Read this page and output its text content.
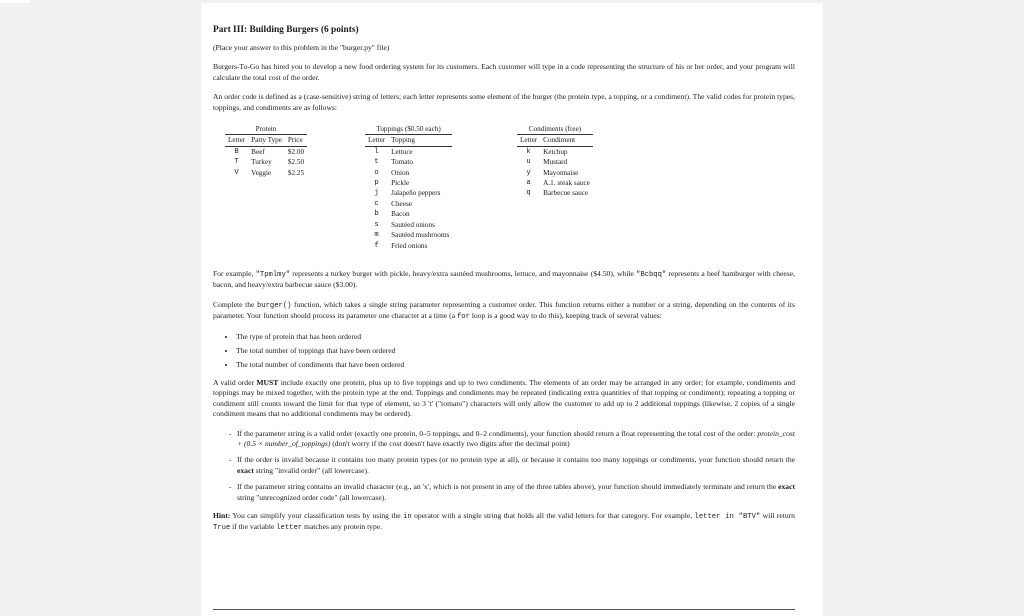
Part III: Building Burgers (6 points)

(Place your answer to this problem in the "burger.py" file)

Burgers-To-Go has hired you to develop a new food ordering system for its customers. Each customer will type in a code representing the structure of his or her order, and your program will calculate the total cost of the order.

An order code is defined as a (case-sensitive) string of letters; each letter represents some element of the burger (the protein type, a topping, or a condiment). The valid codes for protein types, toppings, and condiments are as follows:

Protein		
Letter	Patty Type	Price
B	Beef	$2.00
T	Turkey	$2.50
V	Veggie	$2.25
Toppings ($0.50 each)	
Letter	Topping
l	Lettuce
t	Tomato
o	Onion
p	Pickle
j	Jalapeño peppers
c	Cheese
b	Bacon
s	Sautéed onions
m	Sautéed mushrooms
f	Fried onions
Condiments (free)	
Letter	Condiment
k	Ketchup
u	Mustard
y	Mayonnaise
a	A.1. steak sauce
q	Barbecue sauce

For example, "Tpmlmy" represents a turkey burger with pickle, heavy/extra sautéed mushrooms, lettuce, and mayonnaise ($4.50), while "Bcbqq" represents a beef hamburger with cheese, bacon, and heavy/extra barbecue sauce ($3.00).

Complete the burger() function, which takes a single string parameter representing a customer order. This function returns either a number or a string, depending on the contents of its parameter. Your function should process its parameter one character at a time (a for loop is a good way to do this), keeping track of several values:

• The type of protein that has been ordered
• The total number of toppings that have been ordered
• The total number of condiments that have been ordered

A valid order MUST include exactly one protein, plus up to five toppings and up to two condiments. The elements of an order may be arranged in any order; for example, condiments and toppings may be mixed together, with the protein type at the end. Toppings and condiments may be repeated (indicating extra quantities of that topping or condiment); repeating a topping or condiment still counts toward the limit for that type of element, so 3 't' ("tomato") characters will only allow the customer to add up to 2 additional toppings (likewise, 2 copies of a single condiment means that no additional condiments may be ordered).

- If the parameter string is a valid order (exactly one protein, 0–5 toppings, and 0–2 condiments), your function should return a float representing the total cost of the order: protein_cost + (0.5 × number_of_toppings) (don't worry if the cost doesn't have exactly two digits after the decimal point)
- If the order is invalid because it contains too many protein types (or no protein type at all), or because it contains too many toppings or condiments, your function should return the exact string "invalid order" (all lowercase).
- If the parameter string contains an invalid character (e.g., an 'x', which is not present in any of the three tables above), your function should immediately terminate and return the exact string "unrecognized order code" (all lowercase).

Hint: You can simplify your classification tests by using the in operator with a single string that holds all the valid letters for that category. For example, letter in "BTV" will return True if the variable letter matches any protein type.
